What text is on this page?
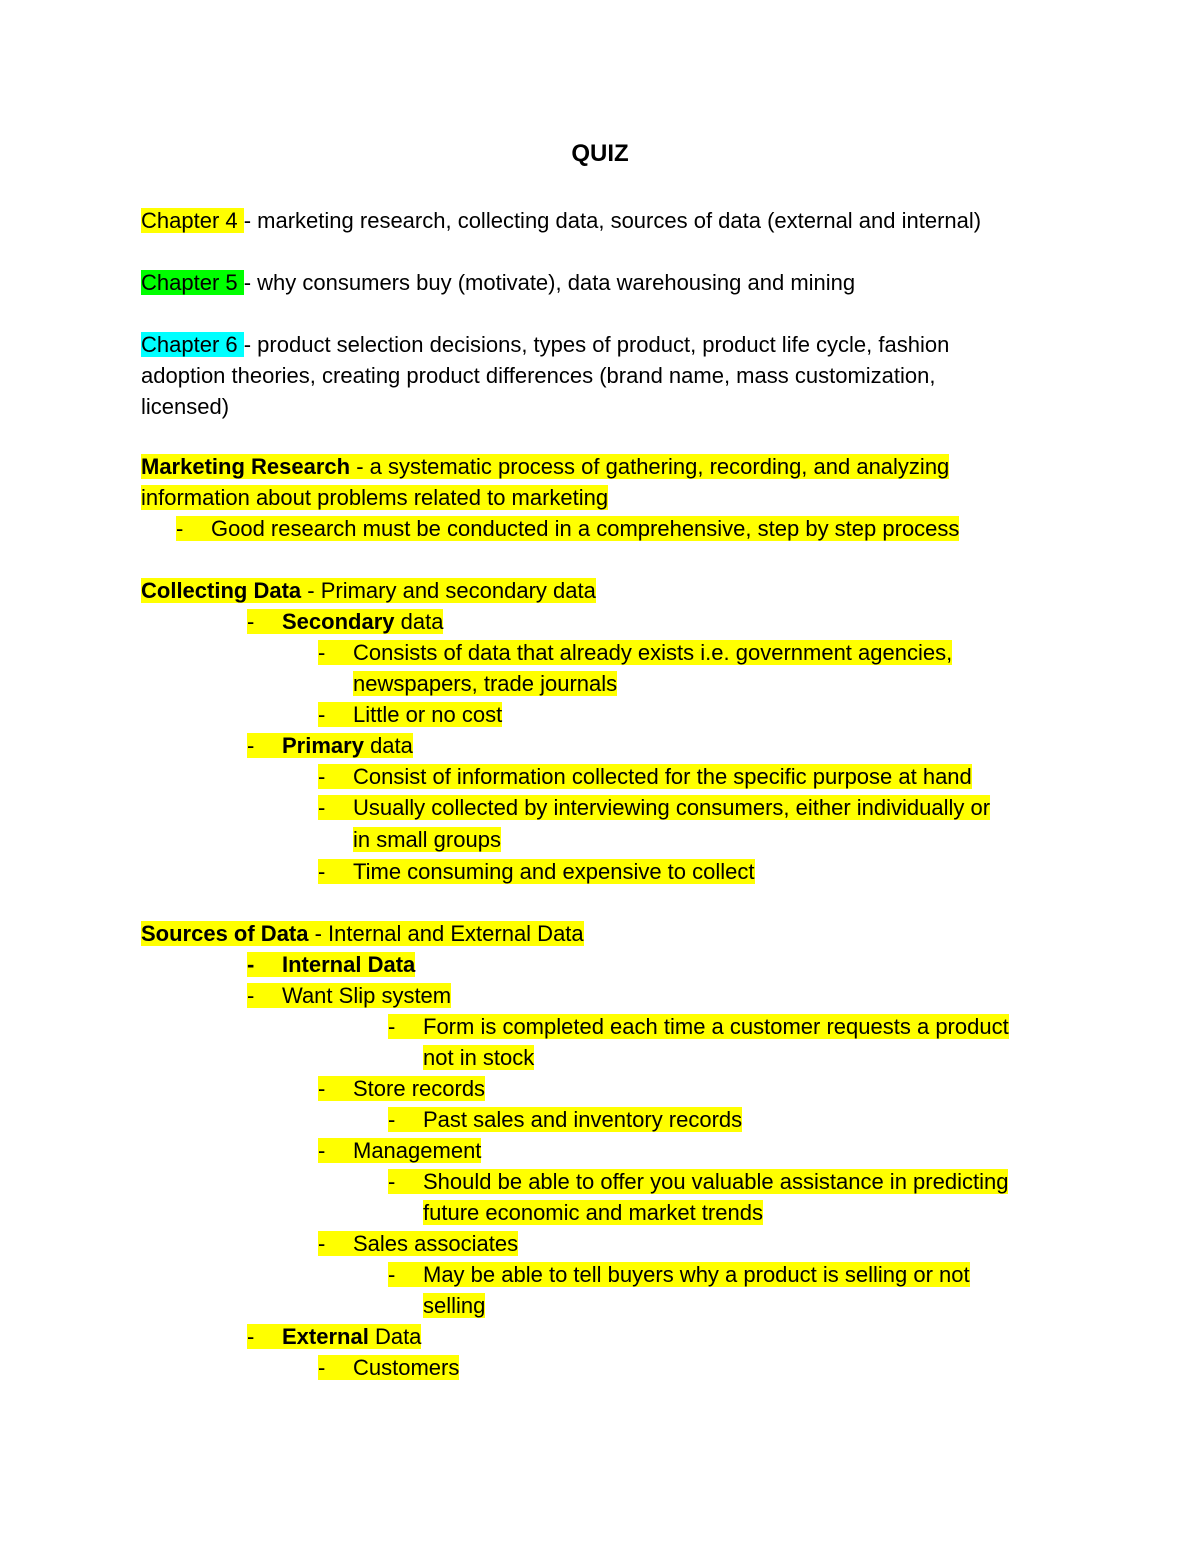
QUIZ
Chapter 4 - marketing research, collecting data, sources of data (external and internal)
Chapter 5 - why consumers buy (motivate), data warehousing and mining
Chapter 6 - product selection decisions, types of product, product life cycle, fashion adoption theories, creating product differences (brand name, mass customization, licensed)
Marketing Research - a systematic process of gathering, recording, and analyzing
information about problems related to marketing
- Good research must be conducted in a comprehensive, step by step process
Collecting Data - Primary and secondary data
- Secondary data
- Consists of data that already exists i.e. government agencies,
newspapers, trade journals
- Little or no cost
- Primary data
- Consist of information collected for the specific purpose at hand
- Usually collected by interviewing consumers, either individually or
in small groups
- Time consuming and expensive to collect
Sources of Data - Internal and External Data
- Internal Data
- Want Slip system
- Form is completed each time a customer requests a product
not in stock
- Store records
- Past sales and inventory records
- Management
- Should be able to offer you valuable assistance in predicting
future economic and market trends
- Sales associates
- May be able to tell buyers why a product is selling or not
selling
- External Data
- Customers
